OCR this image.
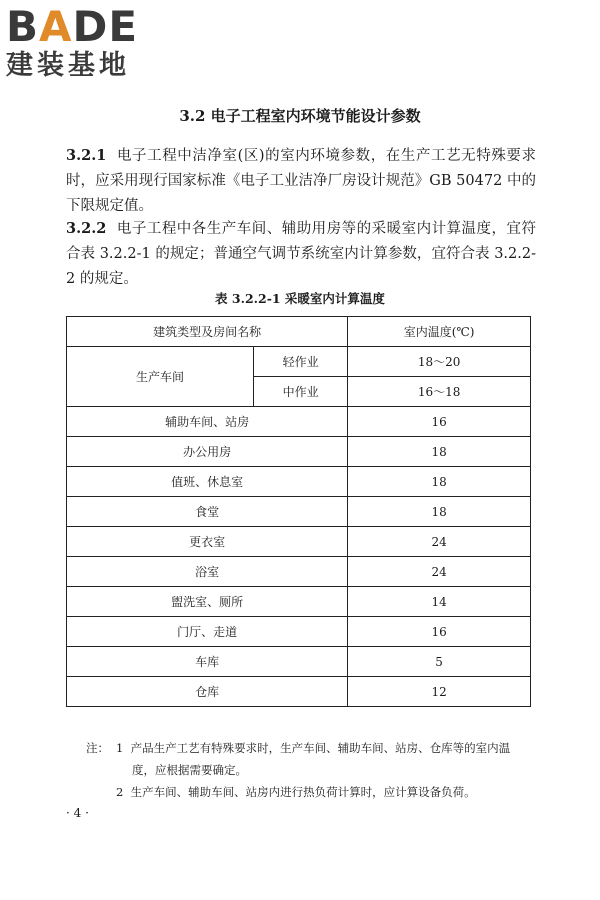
BADE
建装基地
3.2 电子工程室内环境节能设计参数
3.2.1 电子工程中洁净室(区)的室内环境参数，在生产工艺无特殊要求时，应采用现行国家标准《电子工业洁净厂房设计规范》GB 50472 中的下限规定值。
3.2.2 电子工程中各生产车间、辅助用房等的采暖室内计算温度，宜符合表 3.2.2-1 的规定；普通空气调节系统室内计算参数，宜符合表 3.2.2-2 的规定。
表 3.2.2-1 采暖室内计算温度
建筑类型及房间名称		室内温度(℃)
生产车间	轻作业	18～20
	中作业	16～18
辅助车间、站房		16
办公用房		18
值班、休息室		18
食堂		18
更衣室		24
浴室		24
盥洗室、厕所		14
门厅、走道		16
车库		5
仓库		12
注： 1
产品生产工艺有特殊要求时，生产车间、辅助车间、站房、仓库等的室内温
度，应根据需要确定。
2
生产车间、辅助车间、站房内进行热负荷计算时，应计算设备负荷。
· 4 ·
